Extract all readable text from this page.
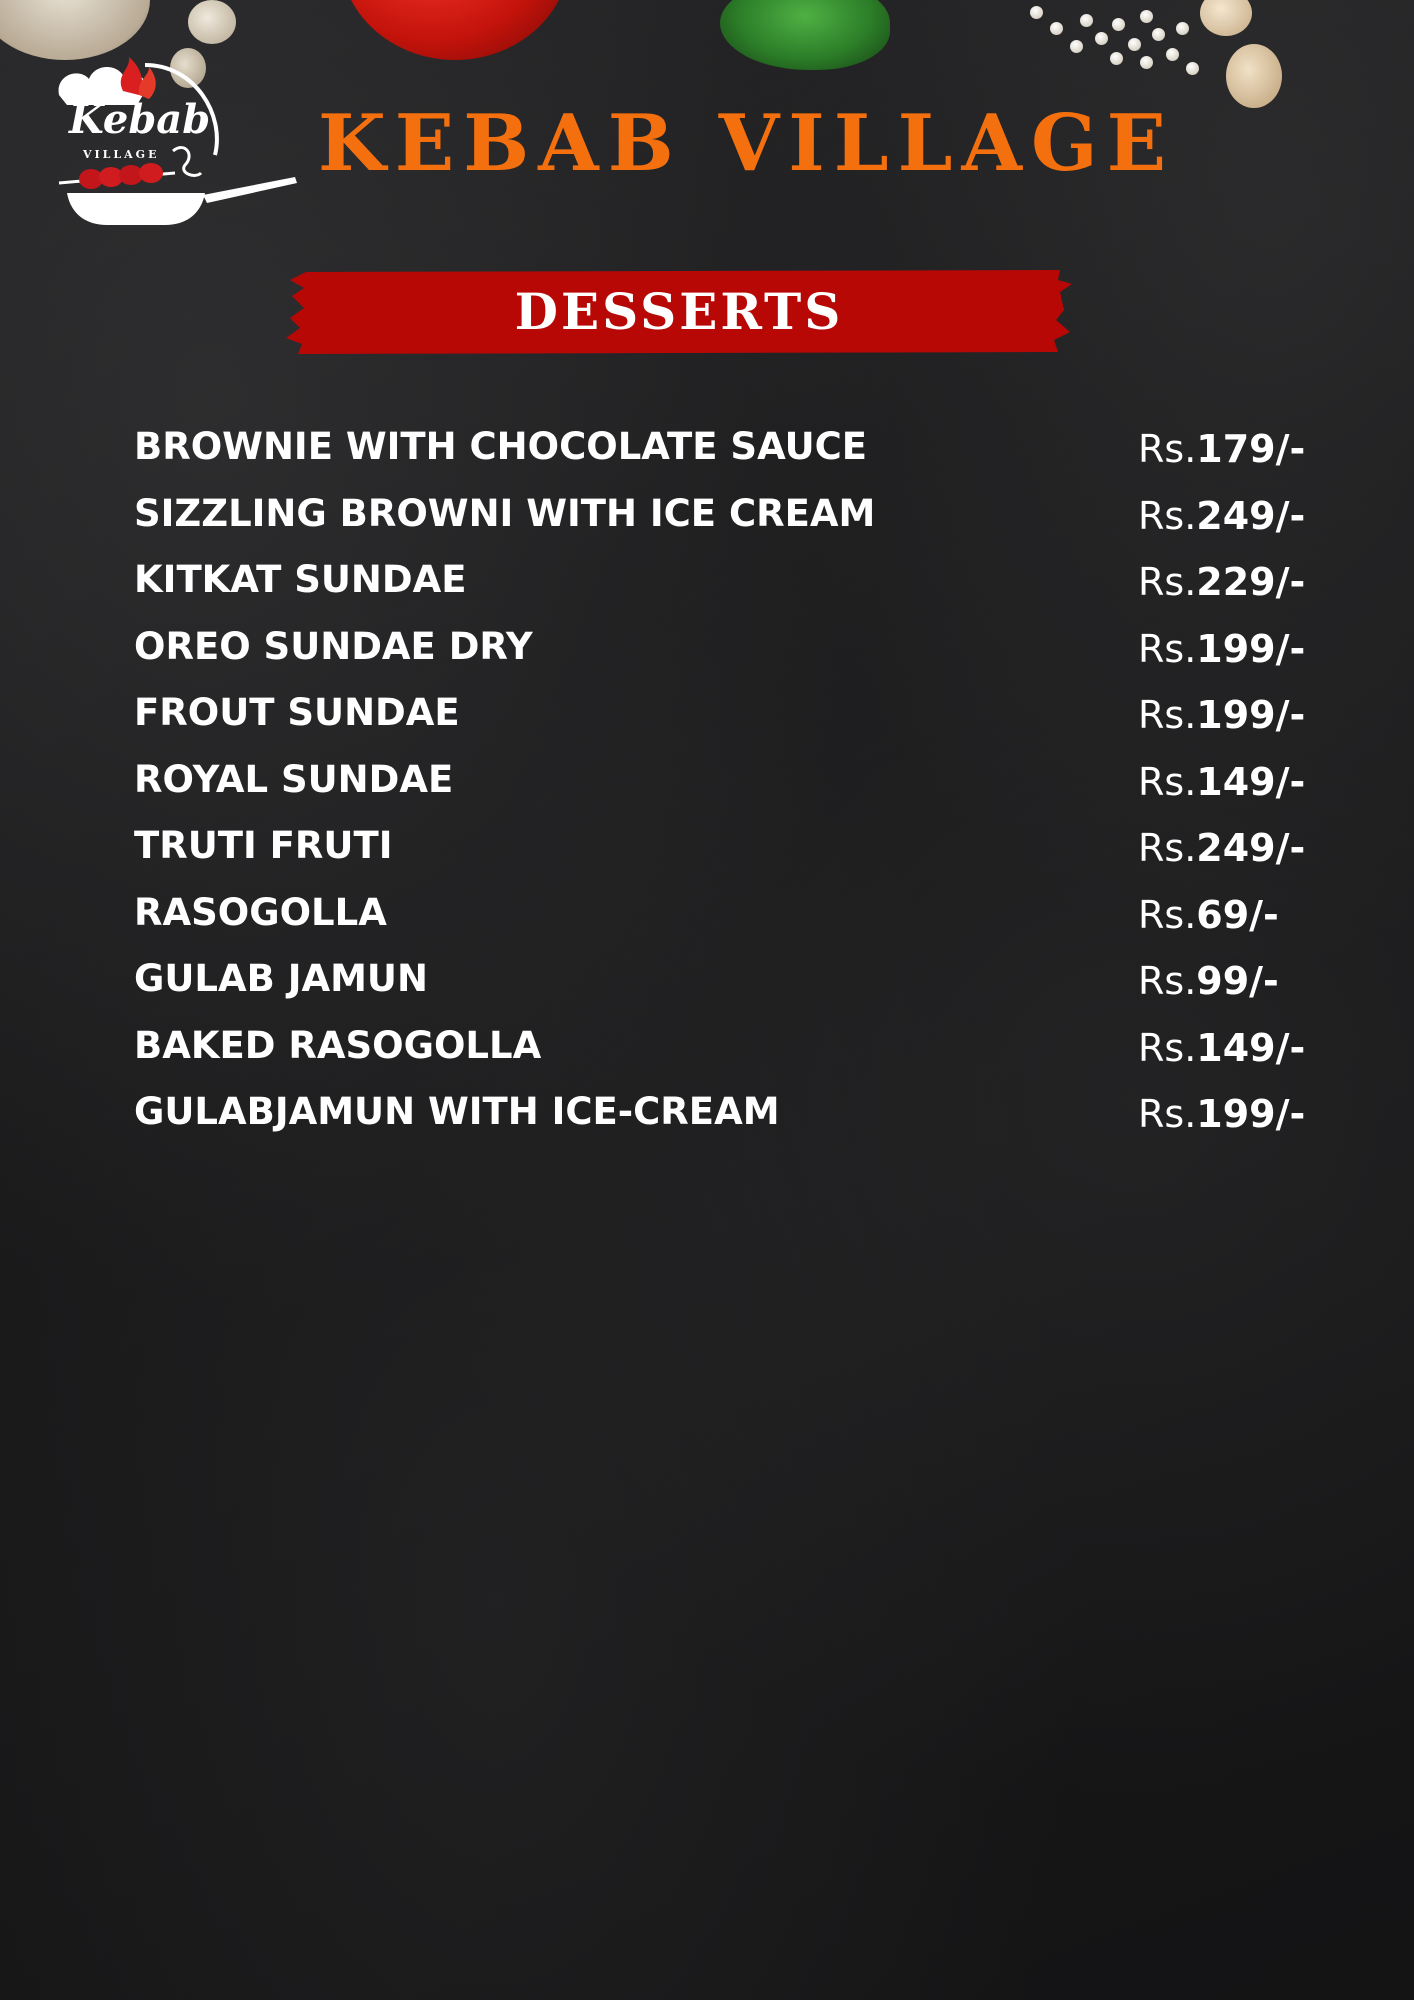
Kebab
VILLAGE KEBAB VILLAGE
DESSERTS
BROWNIE WITH CHOCOLATE SAUCE	Rs.179/-
SIZZLING BROWNI WITH ICE CREAM	Rs.249/-
KITKAT SUNDAE	Rs.229/-
OREO SUNDAE DRY	Rs.199/-
FROUT SUNDAE	Rs.199/-
ROYAL SUNDAE	Rs.149/-
TRUTI FRUTI	Rs.249/-
RASOGOLLA	Rs.69/-
GULAB JAMUN	Rs.99/-
BAKED RASOGOLLA	Rs.149/-
GULABJAMUN WITH ICE-CREAM	Rs.199/-
